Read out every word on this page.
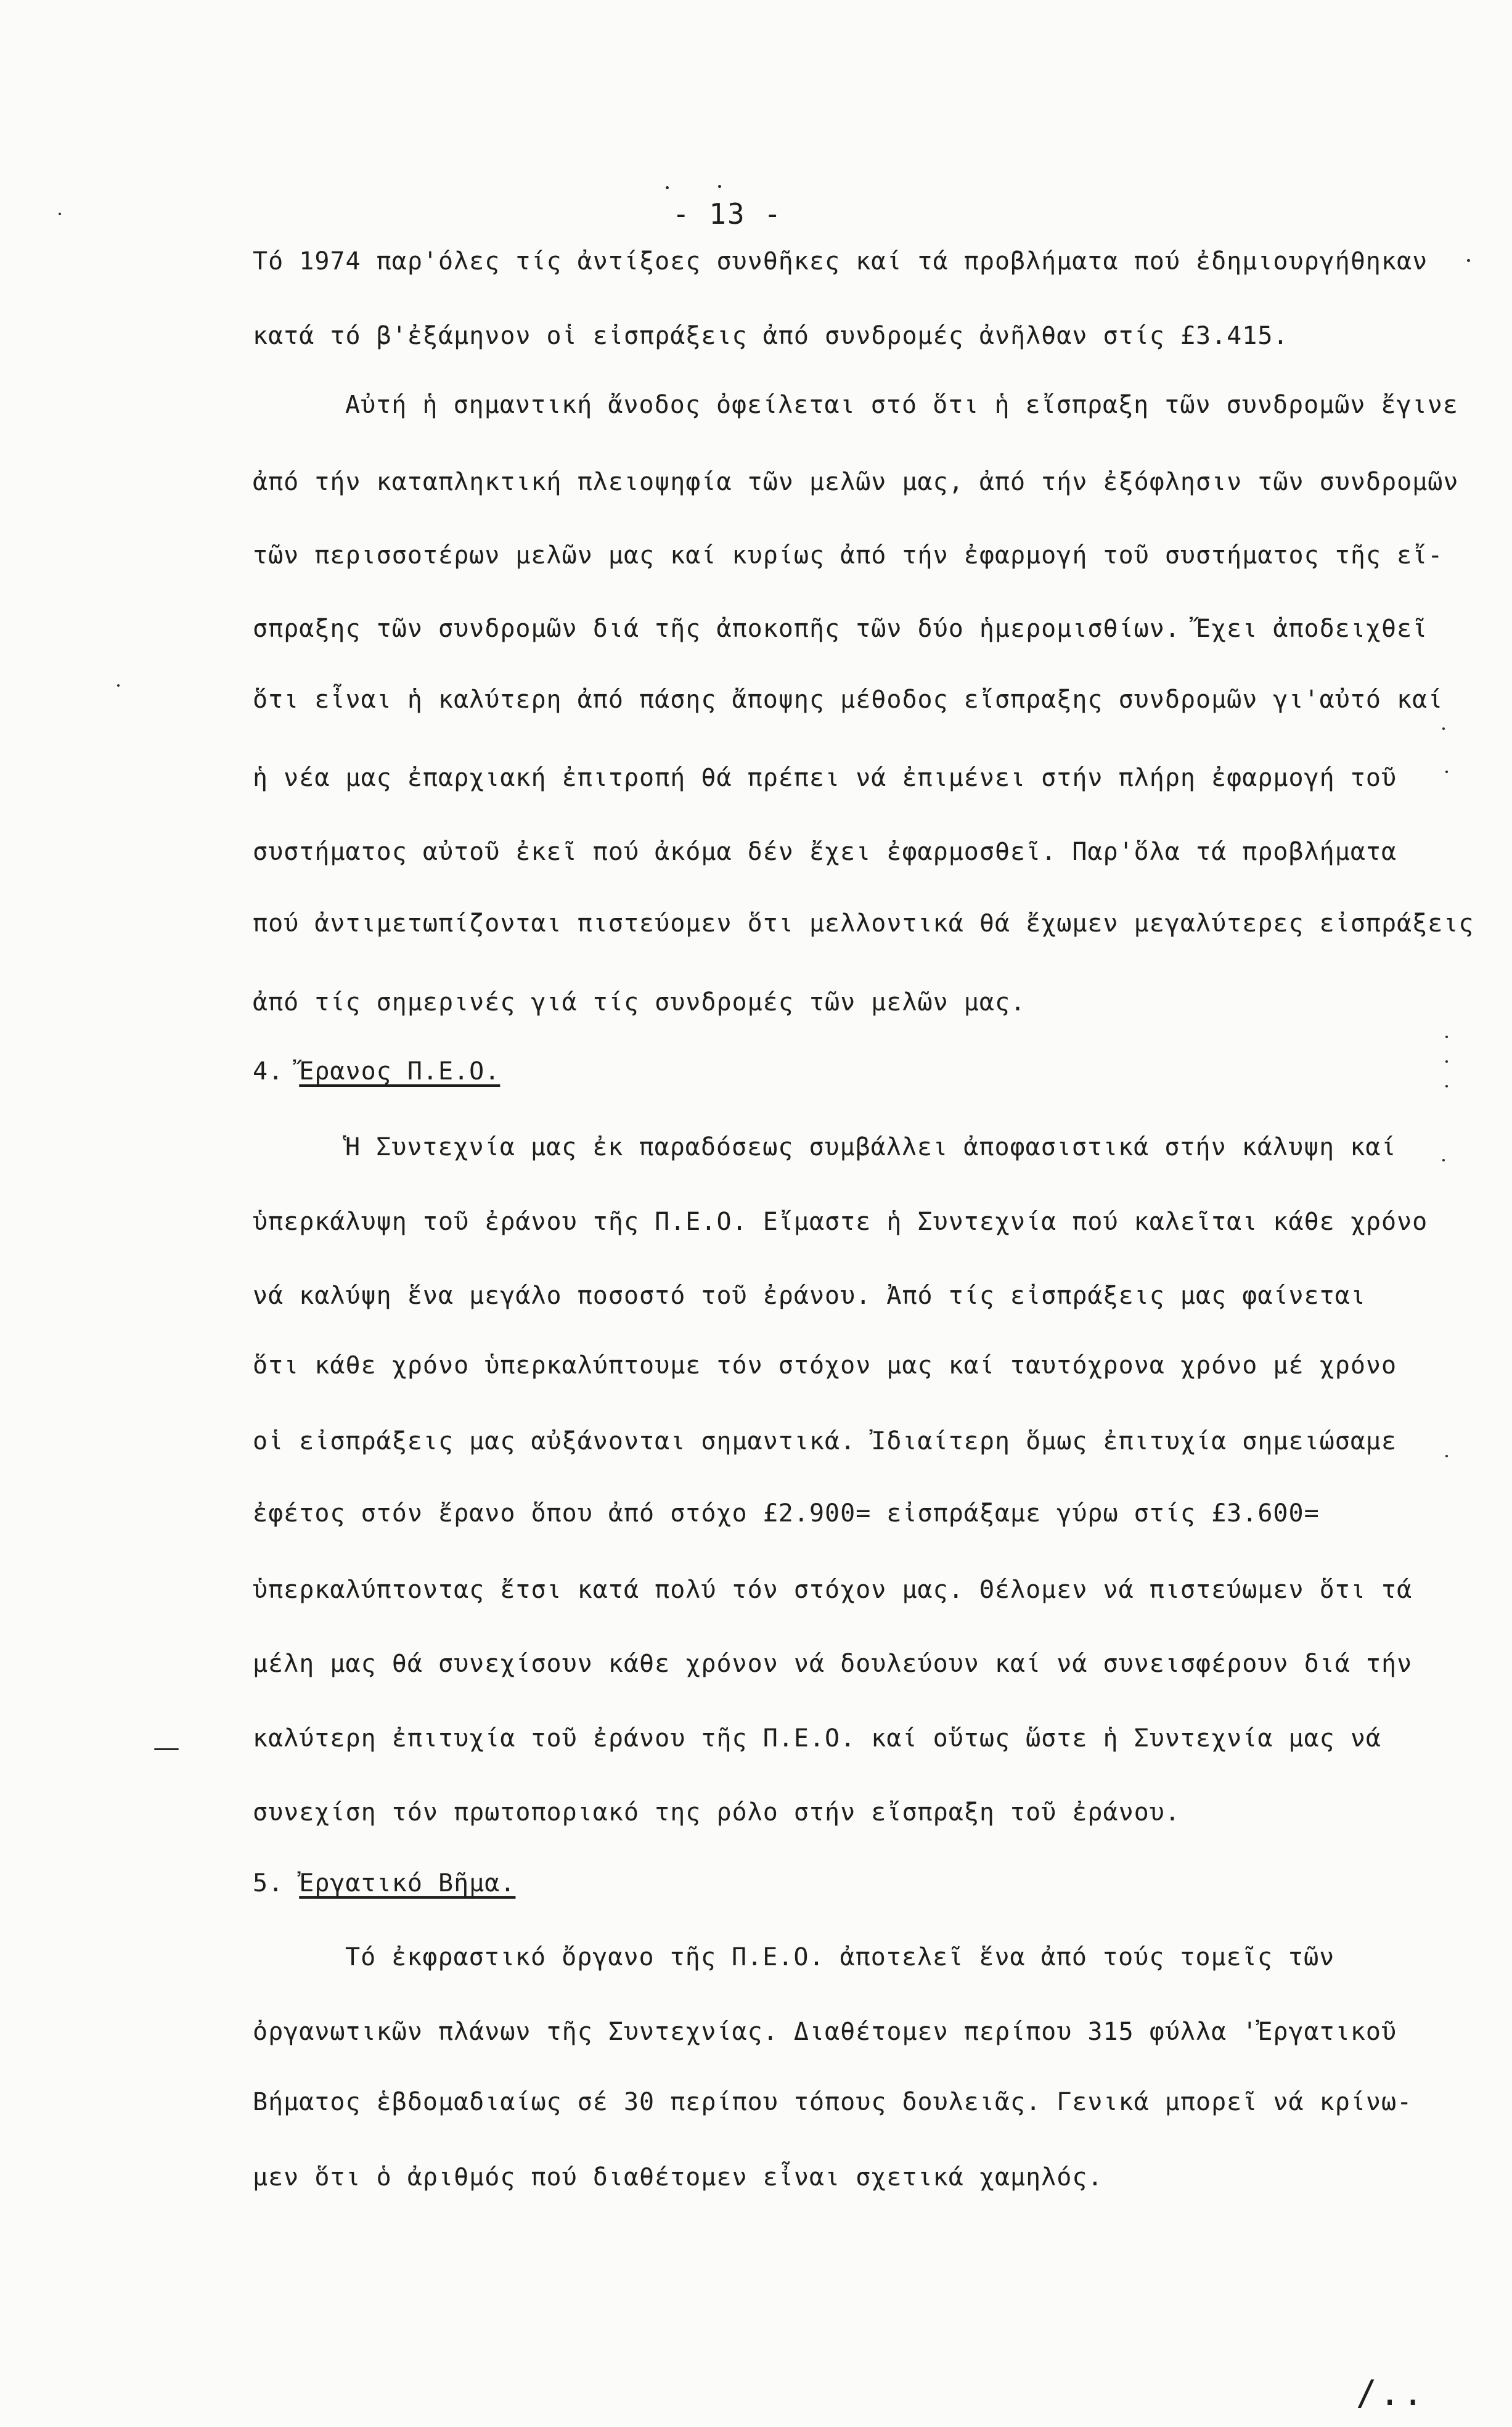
- 13 -
Τό 1974 παρ'όλες τίς ἀντίξοες συνθῆκες καί τά προβλήματα πού ἐδημιουργήθηκαν
κατά τό β'ἐξάμηνον οἱ εἰσπράξεις ἀπό συνδρομές ἀνῆλθαν στίς £3.415.
Αὐτή ἡ σημαντική ἄνοδος ὀφείλεται στό ὅτι ἡ εἴσπραξη τῶν συνδρομῶν ἔγινε
ἀπό τήν καταπληκτική πλειοψηφία τῶν μελῶν μας, ἀπό τήν ἐξόφλησιν τῶν συνδρομῶν
τῶν περισσοτέρων μελῶν μας καί κυρίως ἀπό τήν ἐφαρμογή τοῦ συστήματος τῆς εἴ-
σπραξης τῶν συνδρομῶν διά τῆς ἀποκοπῆς τῶν δύο ἡμερομισθίων. Ἔχει ἀποδειχθεῖ
ὅτι εἶναι ἡ καλύτερη ἀπό πάσης ἄποψης μέθοδος εἴσπραξης συνδρομῶν γι'αὐτό καί
ἡ νέα μας ἐπαρχιακή ἐπιτροπή θά πρέπει νά ἐπιμένει στήν πλήρη ἐφαρμογή τοῦ
συστήματος αὐτοῦ ἐκεῖ πού ἀκόμα δέν ἔχει ἐφαρμοσθεῖ. Παρ'ὅλα τά προβλήματα
πού ἀντιμετωπίζονται πιστεύομεν ὅτι μελλοντικά θά ἔχωμεν μεγαλύτερες εἰσπράξεις
ἀπό τίς σημερινές γιά τίς συνδρομές τῶν μελῶν μας.
4. Ἔρανος Π.Ε.Ο.
Ἡ Συντεχνία μας ἐκ παραδόσεως συμβάλλει ἀποφασιστικά στήν κάλυψη καί
ὑπερκάλυψη τοῦ ἐράνου τῆς Π.Ε.Ο. Εἴμαστε ἡ Συντεχνία πού καλεῖται κάθε χρόνο
νά καλύψη ἕνα μεγάλο ποσοστό τοῦ ἐράνου. Ἀπό τίς εἰσπράξεις μας φαίνεται
ὅτι κάθε χρόνο ὑπερκαλύπτουμε τόν στόχον μας καί ταυτόχρονα χρόνο μέ χρόνο
οἱ εἰσπράξεις μας αὐξάνονται σημαντικά. Ἰδιαίτερη ὅμως ἐπιτυχία σημειώσαμε
ἐφέτος στόν ἔρανο ὅπου ἀπό στόχο £2.900= εἰσπράξαμε γύρω στίς £3.600=
ὑπερκαλύπτοντας ἔτσι κατά πολύ τόν στόχον μας. Θέλομεν νά πιστεύωμεν ὅτι τά
μέλη μας θά συνεχίσουν κάθε χρόνον νά δουλεύουν καί νά συνεισφέρουν διά τήν
καλύτερη ἐπιτυχία τοῦ ἐράνου τῆς Π.Ε.Ο. καί οὕτως ὥστε ἡ Συντεχνία μας νά
συνεχίση τόν πρωτοποριακό της ρόλο στήν εἴσπραξη τοῦ ἐράνου.
5. Ἐργατικό Βῆμα.
Τό ἐκφραστικό ὄργανο τῆς Π.Ε.Ο. ἀποτελεῖ ἕνα ἀπό τούς τομεῖς τῶν
ὀργανωτικῶν πλάνων τῆς Συντεχνίας. Διαθέτομεν περίπου 315 φύλλα 'Ἐργατικοῦ
Βήματος ἑβδομαδιαίως σέ 30 περίπου τόπους δουλειᾶς. Γενικά μπορεῖ νά κρίνω-
μεν ὅτι ὁ ἀριθμός πού διαθέτομεν εἶναι σχετικά χαμηλός.
/..
